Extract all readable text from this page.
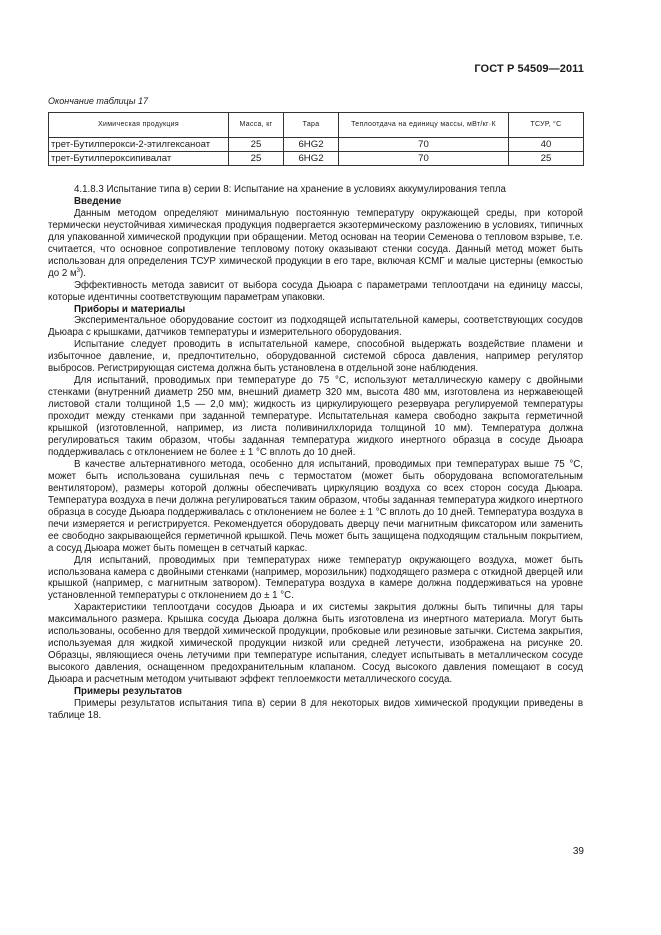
ГОСТ Р 54509—2011
Окончание таблицы 17
Химическая продукция	Масса, кг	Тара	Теплоотдача на единицу массы, мВт/кг·К	ТСУР, °С
трет-Бутилперокси-2-этилгексаноат	25	6HG2	70	40
трет-Бутилпероксипивалат	25	6HG2	70	25

4.1.8.3 Испытание типа в) серии 8: Испытание на хранение в условиях аккумулирования тепла

Введение

Данным методом определяют минимальную постоянную температуру окружающей среды, при которой термически неустойчивая химическая продукция подвергается экзотермическому разложению в условиях, типичных для упакованной химической продукции при обращении. Метод основан на теории Семенова о тепловом взрыве, т.е. считается, что основное сопротивление тепловому потоку оказывают стенки сосуда. Данный метод может быть использован для определения ТСУР химической продукции в его таре, включая КСМГ и малые цистерны (емкостью до 2 $м^3$).

Эффективность метода зависит от выбора сосуда Дьюара с параметрами теплоотдачи на единицу массы, которые идентичны соответствующим параметрам упаковки.

Приборы и материалы

Экспериментальное оборудование состоит из подходящей испытательной камеры, соответствующих сосудов Дьюара с крышками, датчиков температуры и измерительного оборудования.

Испытание следует проводить в испытательной камере, способной выдержать воздействие пламени и избыточное давление, и, предпочтительно, оборудованной системой сброса давления, например регулятор выбросов. Регистрирующая система должна быть установлена в отдельной зоне наблюдения.

Для испытаний, проводимых при температуре до 75 °С, используют металлическую камеру с двойными стенками (внутренний диаметр 250 мм, внешний диаметр 320 мм, высота 480 мм, изготовлена из нержавеющей листовой стали толщиной 1,5 — 2,0 мм); жидкость из циркулирующего резервуара регулируемой температуры проходит между стенками при заданной температуре. Испытательная камера свободно закрыта герметичной крышкой (изготовленной, например, из листа поливинилхлорида толщиной 10 мм). Температура должна регулироваться таким образом, чтобы заданная температура жидкого инертного образца в сосуде Дьюара поддерживалась с отклонением не более ± 1 °С вплоть до 10 дней.

В качестве альтернативного метода, особенно для испытаний, проводимых при температурах выше 75 °С, может быть использована сушильная печь с термостатом (может быть оборудована вспомогательным вентилятором), размеры которой должны обеспечивать циркуляцию воздуха со всех сторон сосуда Дьюара. Температура воздуха в печи должна регулироваться таким образом, чтобы заданная температура жидкого инертного образца в сосуде Дьюара поддерживалась с отклонением не более ± 1 °С вплоть до 10 дней. Температура воздуха в печи измеряется и регистрируется. Рекомендуется оборудовать дверцу печи магнитным фиксатором или заменить ее свободно закрывающейся герметичной крышкой. Печь может быть защищена подходящим стальным покрытием, а сосуд Дьюара может быть помещен в сетчатый каркас.

Для испытаний, проводимых при температурах ниже температур окружающего воздуха, может быть использована камера с двойными стенками (например, морозильник) подходящего размера с откидной дверцей или крышкой (например, с магнитным затвором). Температура воздуха в камере должна поддерживаться на уровне установленной температуры с отклонением до ± 1 °С.

Характеристики теплоотдачи сосудов Дьюара и их системы закрытия должны быть типичны для тары максимального размера. Крышка сосуда Дьюара должна быть изготовлена из инертного материала. Могут быть использованы, особенно для твердой химической продукции, пробковые или резиновые затычки. Система закрытия, используемая для жидкой химической продукции низкой или средней летучести, изображена на рисунке 20. Образцы, являющиеся очень летучими при температуре испытания, следует испытывать в металлическом сосуде высокого давления, оснащенном предохранительным клапаном. Сосуд высокого давления помещают в сосуд Дьюара и расчетным методом учитывают эффект теплоемкости металлического сосуда.

Примеры результатов

Примеры результатов испытания типа в) серии 8 для некоторых видов химической продукции приведены в таблице 18.

39
